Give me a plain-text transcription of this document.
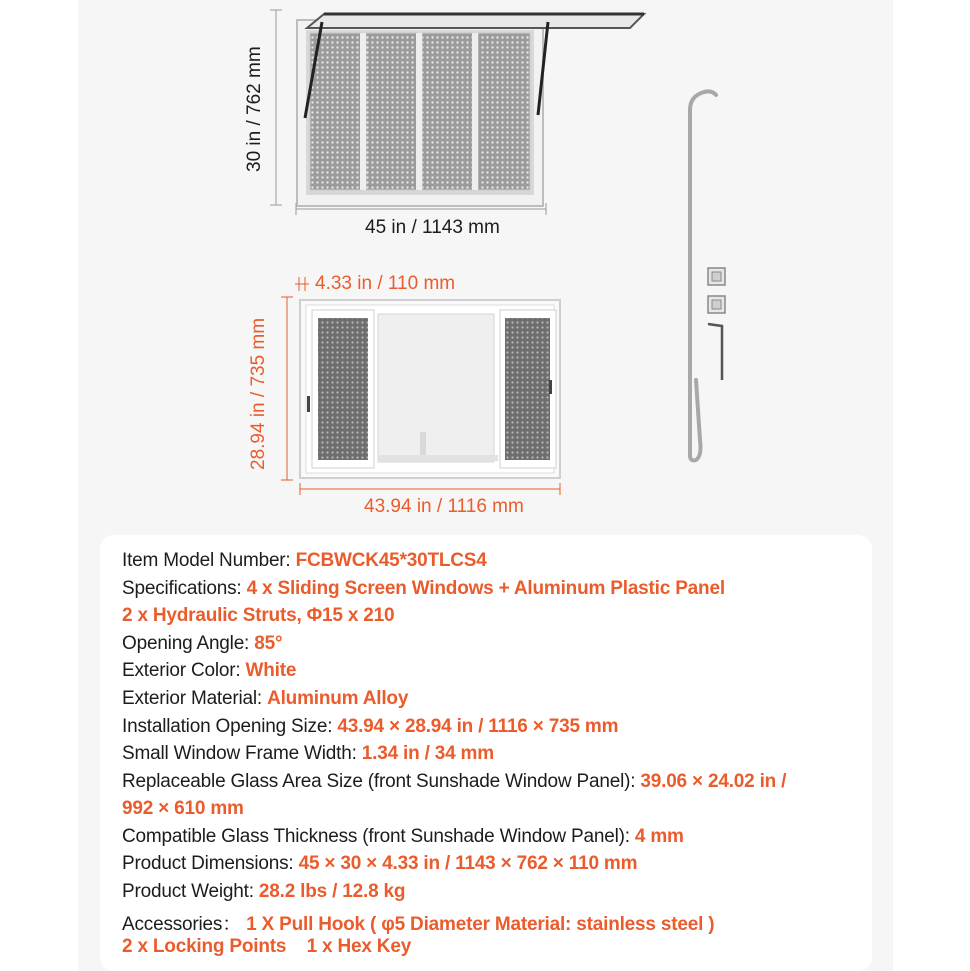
30 in / 762 mm
45 in / 1143 mm
4.33 in / 110 mm
28.94 in / 735 mm
43.94 in / 1116 mm
Item Model Number: FCBWCK45*30TLCS4
Specifications: 4 x Sliding Screen Windows + Aluminum Plastic Panel
2 x Hydraulic Struts, Φ15 x 210
Opening Angle: 85°
Exterior Color: White
Exterior Material: Aluminum Alloy
Installation Opening Size: 43.94 × 28.94 in / 1116 × 735 mm
Small Window Frame Width: 1.34 in / 34 mm
Replaceable Glass Area Size (front Sunshade Window Panel): 39.06 × 24.02 in /
992 × 610 mm
Compatible Glass Thickness (front Sunshade Window Panel): 4 mm
Product Dimensions: 45 × 30 × 4.33 in / 1143 × 762 × 110 mm
Product Weight: 28.2 lbs / 12.8 kg
Accessories： 1 X Pull Hook ( φ5 Diameter Material: stainless steel )
2 x Locking Points    1 x Hex Key
